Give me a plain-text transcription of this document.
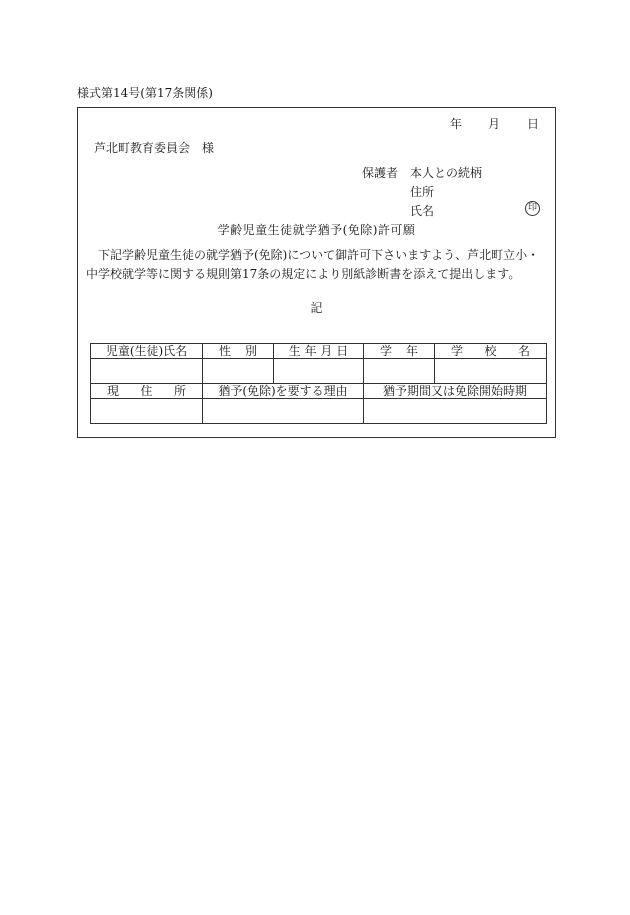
様式第14号(第17条関係)
年 月 日
芦北町教育委員会 様
保護者 本人との続柄
住所
氏名	印
学齢児童生徒就学猶予(免除)許可願
下記学齢児童生徒の就学猶予(免除)について御許可下さいますよう、芦北町立小・中学校就学等に関する規則第17条の規定により別紙診断書を添えて提出します。
記
児童(生徒)氏名	性 別	生 年 月 日	学 年	学 校 名

現 住 所	猶予(免除)を要する理由		猶予期間又は免除開始時期	
